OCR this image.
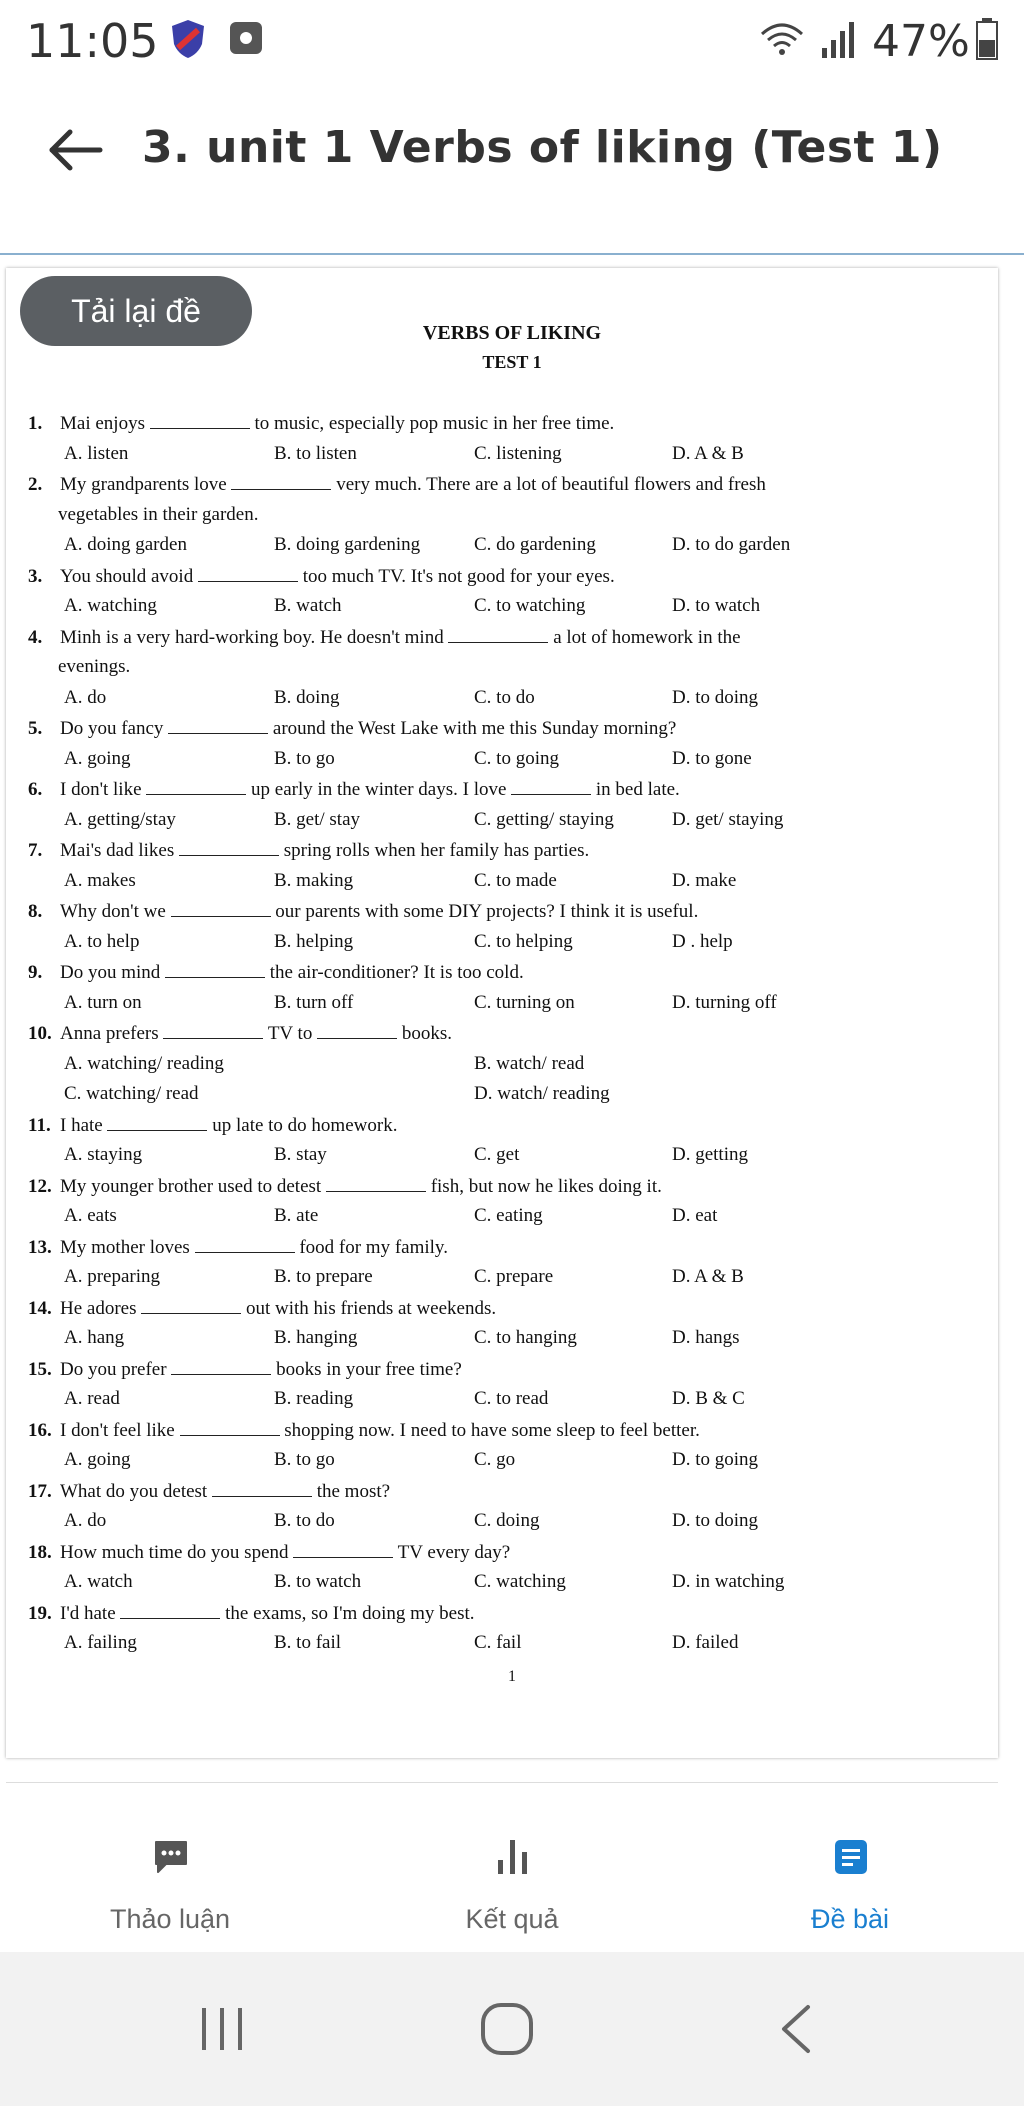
11:05	47%
3. unit 1 Verbs of liking (Test 1)
VERBS OF LIKING
TEST 1
1
1. Mai enjoys	to music, especially pop music in her free time.
A. listen	B. to listen	C. listening	D. A & B
2. My grandparents love	very much. There are a lot of beautiful flowers and fresh
vegetables in their garden.
A. doing garden	B. doing gardening	C. do gardening	D. to do garden
3. You should avoid	too much TV. It's not good for your eyes.
A. watching	B. watch	C. to watching	D. to watch
4. Minh is a very hard-working boy. He doesn't mind	a lot of homework in the
evenings.
A. do	B. doing	C. to do	D. to doing
5. Do you fancy	around the West Lake with me this Sunday morning?
A. going	B. to go	C. to going	D. to gone
6. I don't like	up early in the winter days. I love	in bed late.
A. getting/stay	B. get/ stay	C. getting/ staying	D. get/ staying
7. Mai's dad likes	spring rolls when her family has parties.
A. makes	B. making	C. to made	D. make
8. Why don't we	our parents with some DIY projects? I think it is useful.
A. to help	B. helping	C. to helping	D . help
9. Do you mind	the air-conditioner? It is too cold.
A. turn on	B. turn off	C. turning on	D. turning off
10. Anna prefers	TV to	books.
A. watching/ reading	B. watch/ read
C. watching/ read	D. watch/ reading
11. I hate	up late to do homework.
A. staying	B. stay	C. get	D. getting
12. My younger brother used to detest	fish, but now he likes doing it.
A. eats	B. ate	C. eating	D. eat
13. My mother loves	food for my family.
A. preparing	B. to prepare	C. prepare	D. A & B
14. He adores	out with his friends at weekends.
A. hang	B. hanging	C. to hanging	D. hangs
15. Do you prefer	books in your free time?
A. read	B. reading	C. to read	D. B & C
16. I don't feel like	shopping now. I need to have some sleep to feel better.
A. going	B. to go	C. go	D. to going
17. What do you detest	the most?
A. do	B. to do	C. doing	D. to doing
18. How much time do you spend	TV every day?
A. watch	B. to watch	C. watching	D. in watching
19. I'd hate	the exams, so I'm doing my best.
A. failing	B. to fail	C. fail	D. failed
Tải lại đề
Thảo luận	Kết quả	Đề bài
